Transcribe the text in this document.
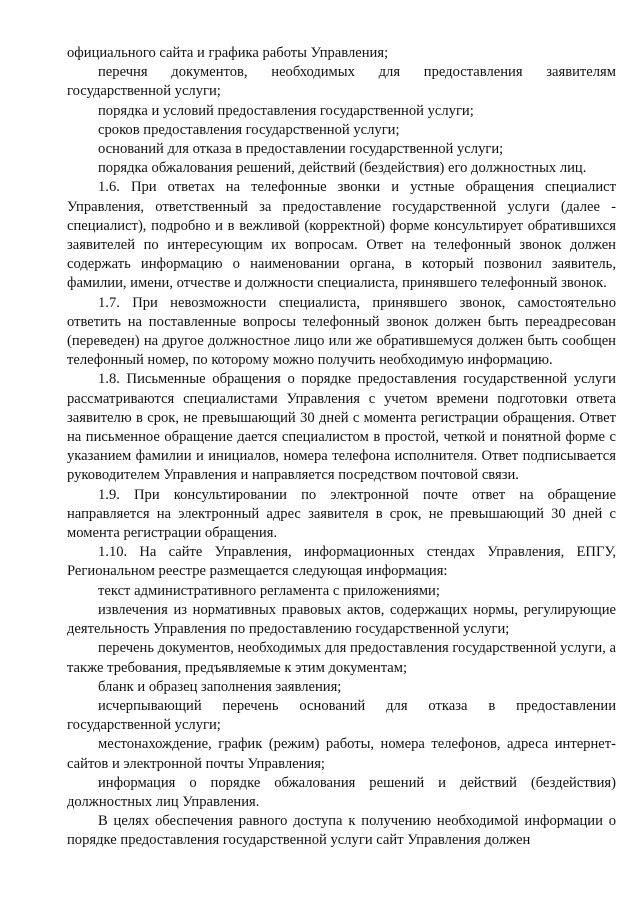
официального сайта и графика работы Управления;

перечня документов, необходимых для предоставления заявителям государственной услуги;

порядка и условий предоставления государственной услуги;

сроков предоставления государственной услуги;

оснований для отказа в предоставлении государственной услуги;

порядка обжалования решений, действий (бездействия) его должностных лиц.

1.6. При ответах на телефонные звонки и устные обращения специалист Управления, ответственный за предоставление государственной услуги (далее - специалист), подробно и в вежливой (корректной) форме консультирует обратившихся заявителей по интересующим их вопросам. Ответ на телефонный звонок должен содержать информацию о наименовании органа, в который позвонил заявитель, фамилии, имени, отчестве и должности специалиста, принявшего телефонный звонок.

1.7. При невозможности специалиста, принявшего звонок, самостоятельно ответить на поставленные вопросы телефонный звонок должен быть переадресован (переведен) на другое должностное лицо или же обратившемуся должен быть сообщен телефонный номер, по которому можно получить необходимую информацию.

1.8. Письменные обращения о порядке предоставления государственной услуги рассматриваются специалистами Управления с учетом времени подготовки ответа заявителю в срок, не превышающий 30 дней с момента регистрации обращения. Ответ на письменное обращение дается специалистом в простой, четкой и понятной форме с указанием фамилии и инициалов, номера телефона исполнителя. Ответ подписывается руководителем Управления и направляется посредством почтовой связи.

1.9. При консультировании по электронной почте ответ на обращение направляется на электронный адрес заявителя в срок, не превышающий 30 дней с момента регистрации обращения.

1.10. На сайте Управления, информационных стендах Управления, ЕПГУ, Региональном реестре размещается следующая информация:

текст административного регламента с приложениями;

извлечения из нормативных правовых актов, содержащих нормы, регулирующие деятельность Управления по предоставлению государственной услуги;

перечень документов, необходимых для предоставления государственной услуги, а также требования, предъявляемые к этим документам;

бланк и образец заполнения заявления;

исчерпывающий перечень оснований для отказа в предоставлении государственной услуги;

местонахождение, график (режим) работы, номера телефонов, адреса интернет-сайтов и электронной почты Управления;

информация о порядке обжалования решений и действий (бездействия) должностных лиц Управления.

В целях обеспечения равного доступа к получению необходимой информации о порядке предоставления государственной услуги сайт Управления должен
